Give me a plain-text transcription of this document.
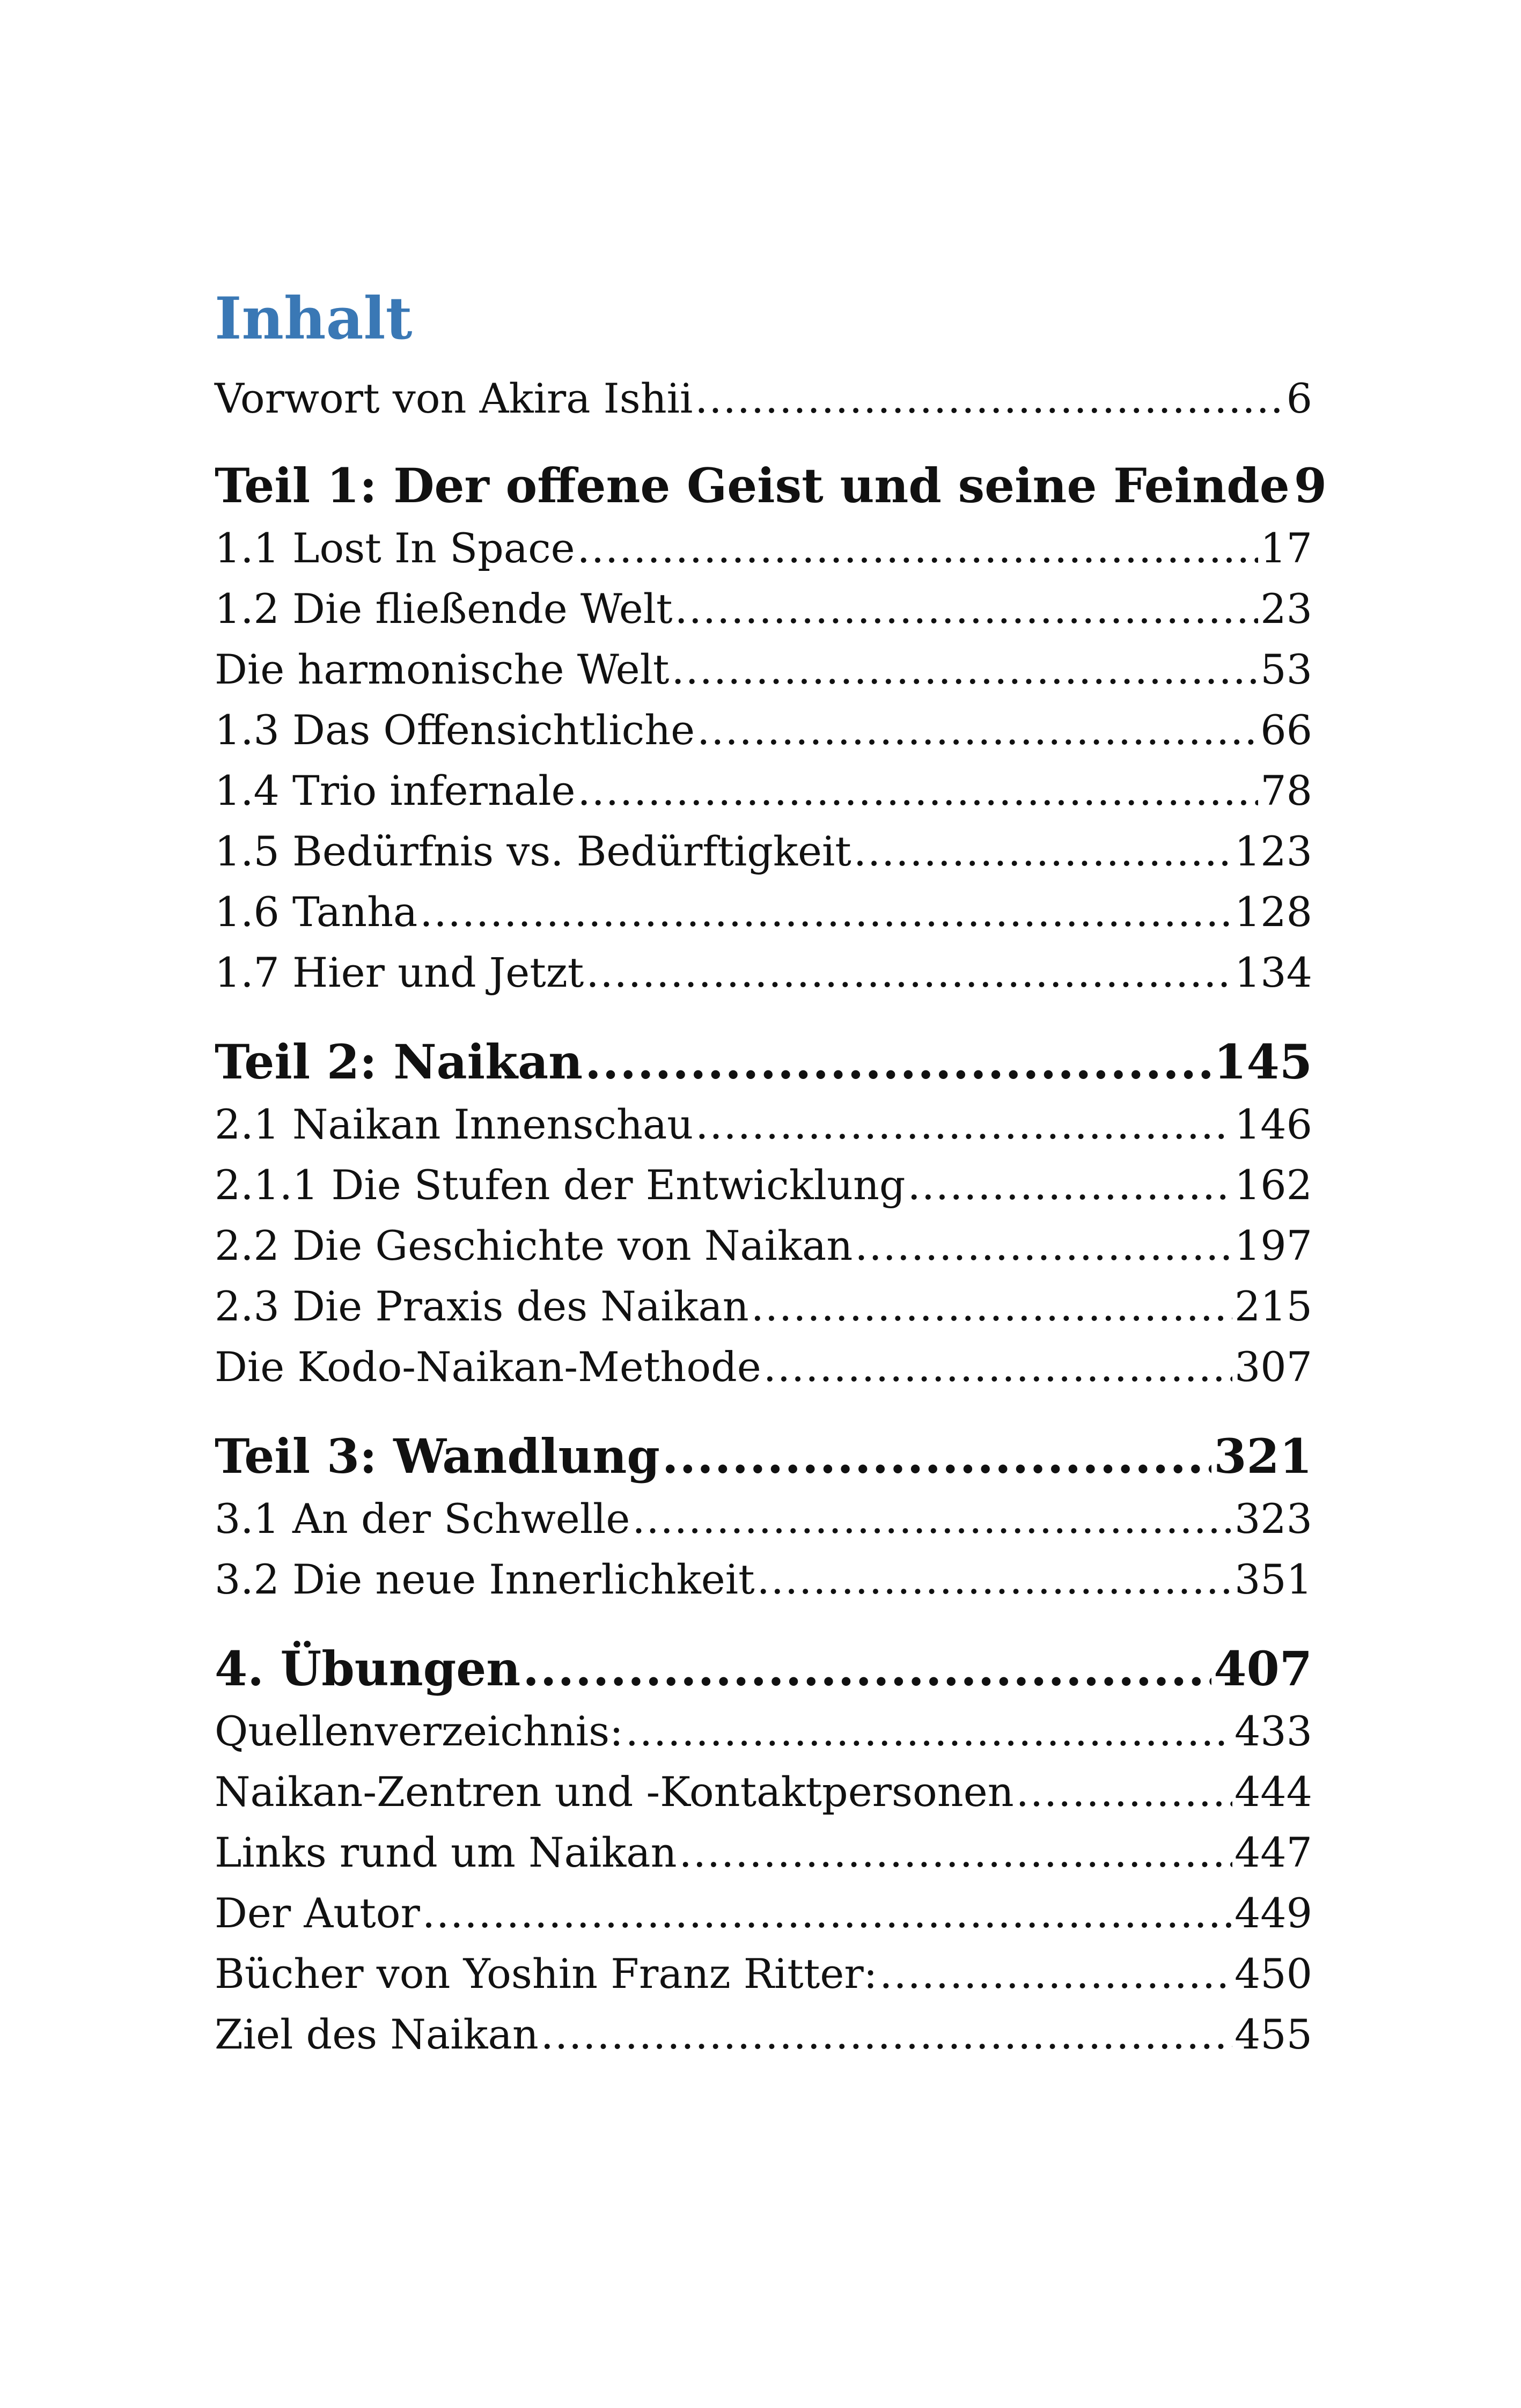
Inhalt
Vorwort von Akira Ishii .....	6
Teil 1: Der offene Geist und seine Feinde 9
1.1 Lost In Space .....	17
1.2 Die fließende Welt .....	23
Die harmonische Welt .....	53
1.3 Das Offensichtliche .....	66
1.4 Trio infernale .....	78
1.5 Bedürfnis vs. Bedürftigkeit .....	123
1.6 Tanha .....	128
1.7 Hier und Jetzt .....	134
Teil 2: Naikan .....	145
2.1 Naikan Innenschau .....	146
2.1.1 Die Stufen der Entwicklung .....	162
2.2 Die Geschichte von Naikan .....	197
2.3 Die Praxis des Naikan .....	215
Die Kodo-Naikan-Methode .....	307
Teil 3: Wandlung .....	321
3.1 An der Schwelle .....	323
3.2 Die neue Innerlichkeit .....	351
4. Übungen .....	407
Quellenverzeichnis: .....	433
Naikan-Zentren und -Kontaktpersonen .....	444
Links rund um Naikan .....	447
Der Autor .....	449
Bücher von Yoshin Franz Ritter: .....	450
Ziel des Naikan .....	455
